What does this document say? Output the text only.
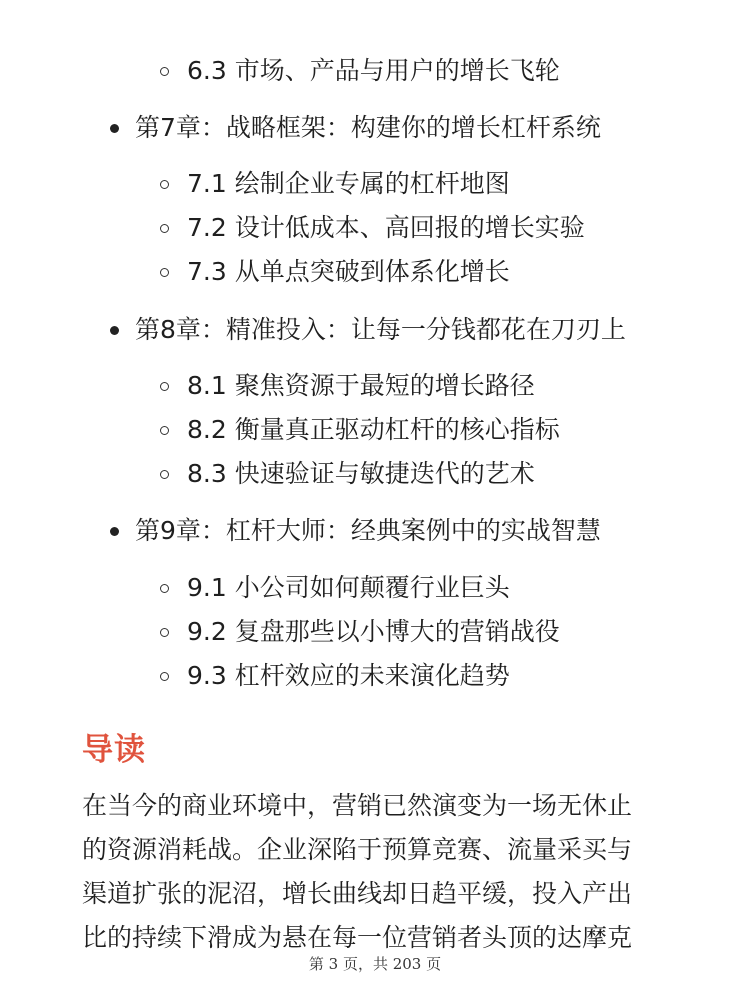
6.3 市场、产品与用户的增长飞轮
第7章：战略框架：构建你的增长杠杆系统
7.1 绘制企业专属的杠杆地图
7.2 设计低成本、高回报的增长实验
7.3 从单点突破到体系化增长
第8章：精准投入：让每一分钱都花在刀刃上
8.1 聚焦资源于最短的增长路径
8.2 衡量真正驱动杠杆的核心指标
8.3 快速验证与敏捷迭代的艺术
第9章：杠杆大师：经典案例中的实战智慧
9.1 小公司如何颠覆行业巨头
9.2 复盘那些以小博大的营销战役
9.3 杠杆效应的未来演化趋势
导读
在当今的商业环境中，营销已然演变为一场无休止
的资源消耗战。企业深陷于预算竞赛、流量采买与
渠道扩张的泥沼，增长曲线却日趋平缓，投入产出
比的持续下滑成为悬在每一位营销者头顶的达摩克
第 3 页，共 203 页
